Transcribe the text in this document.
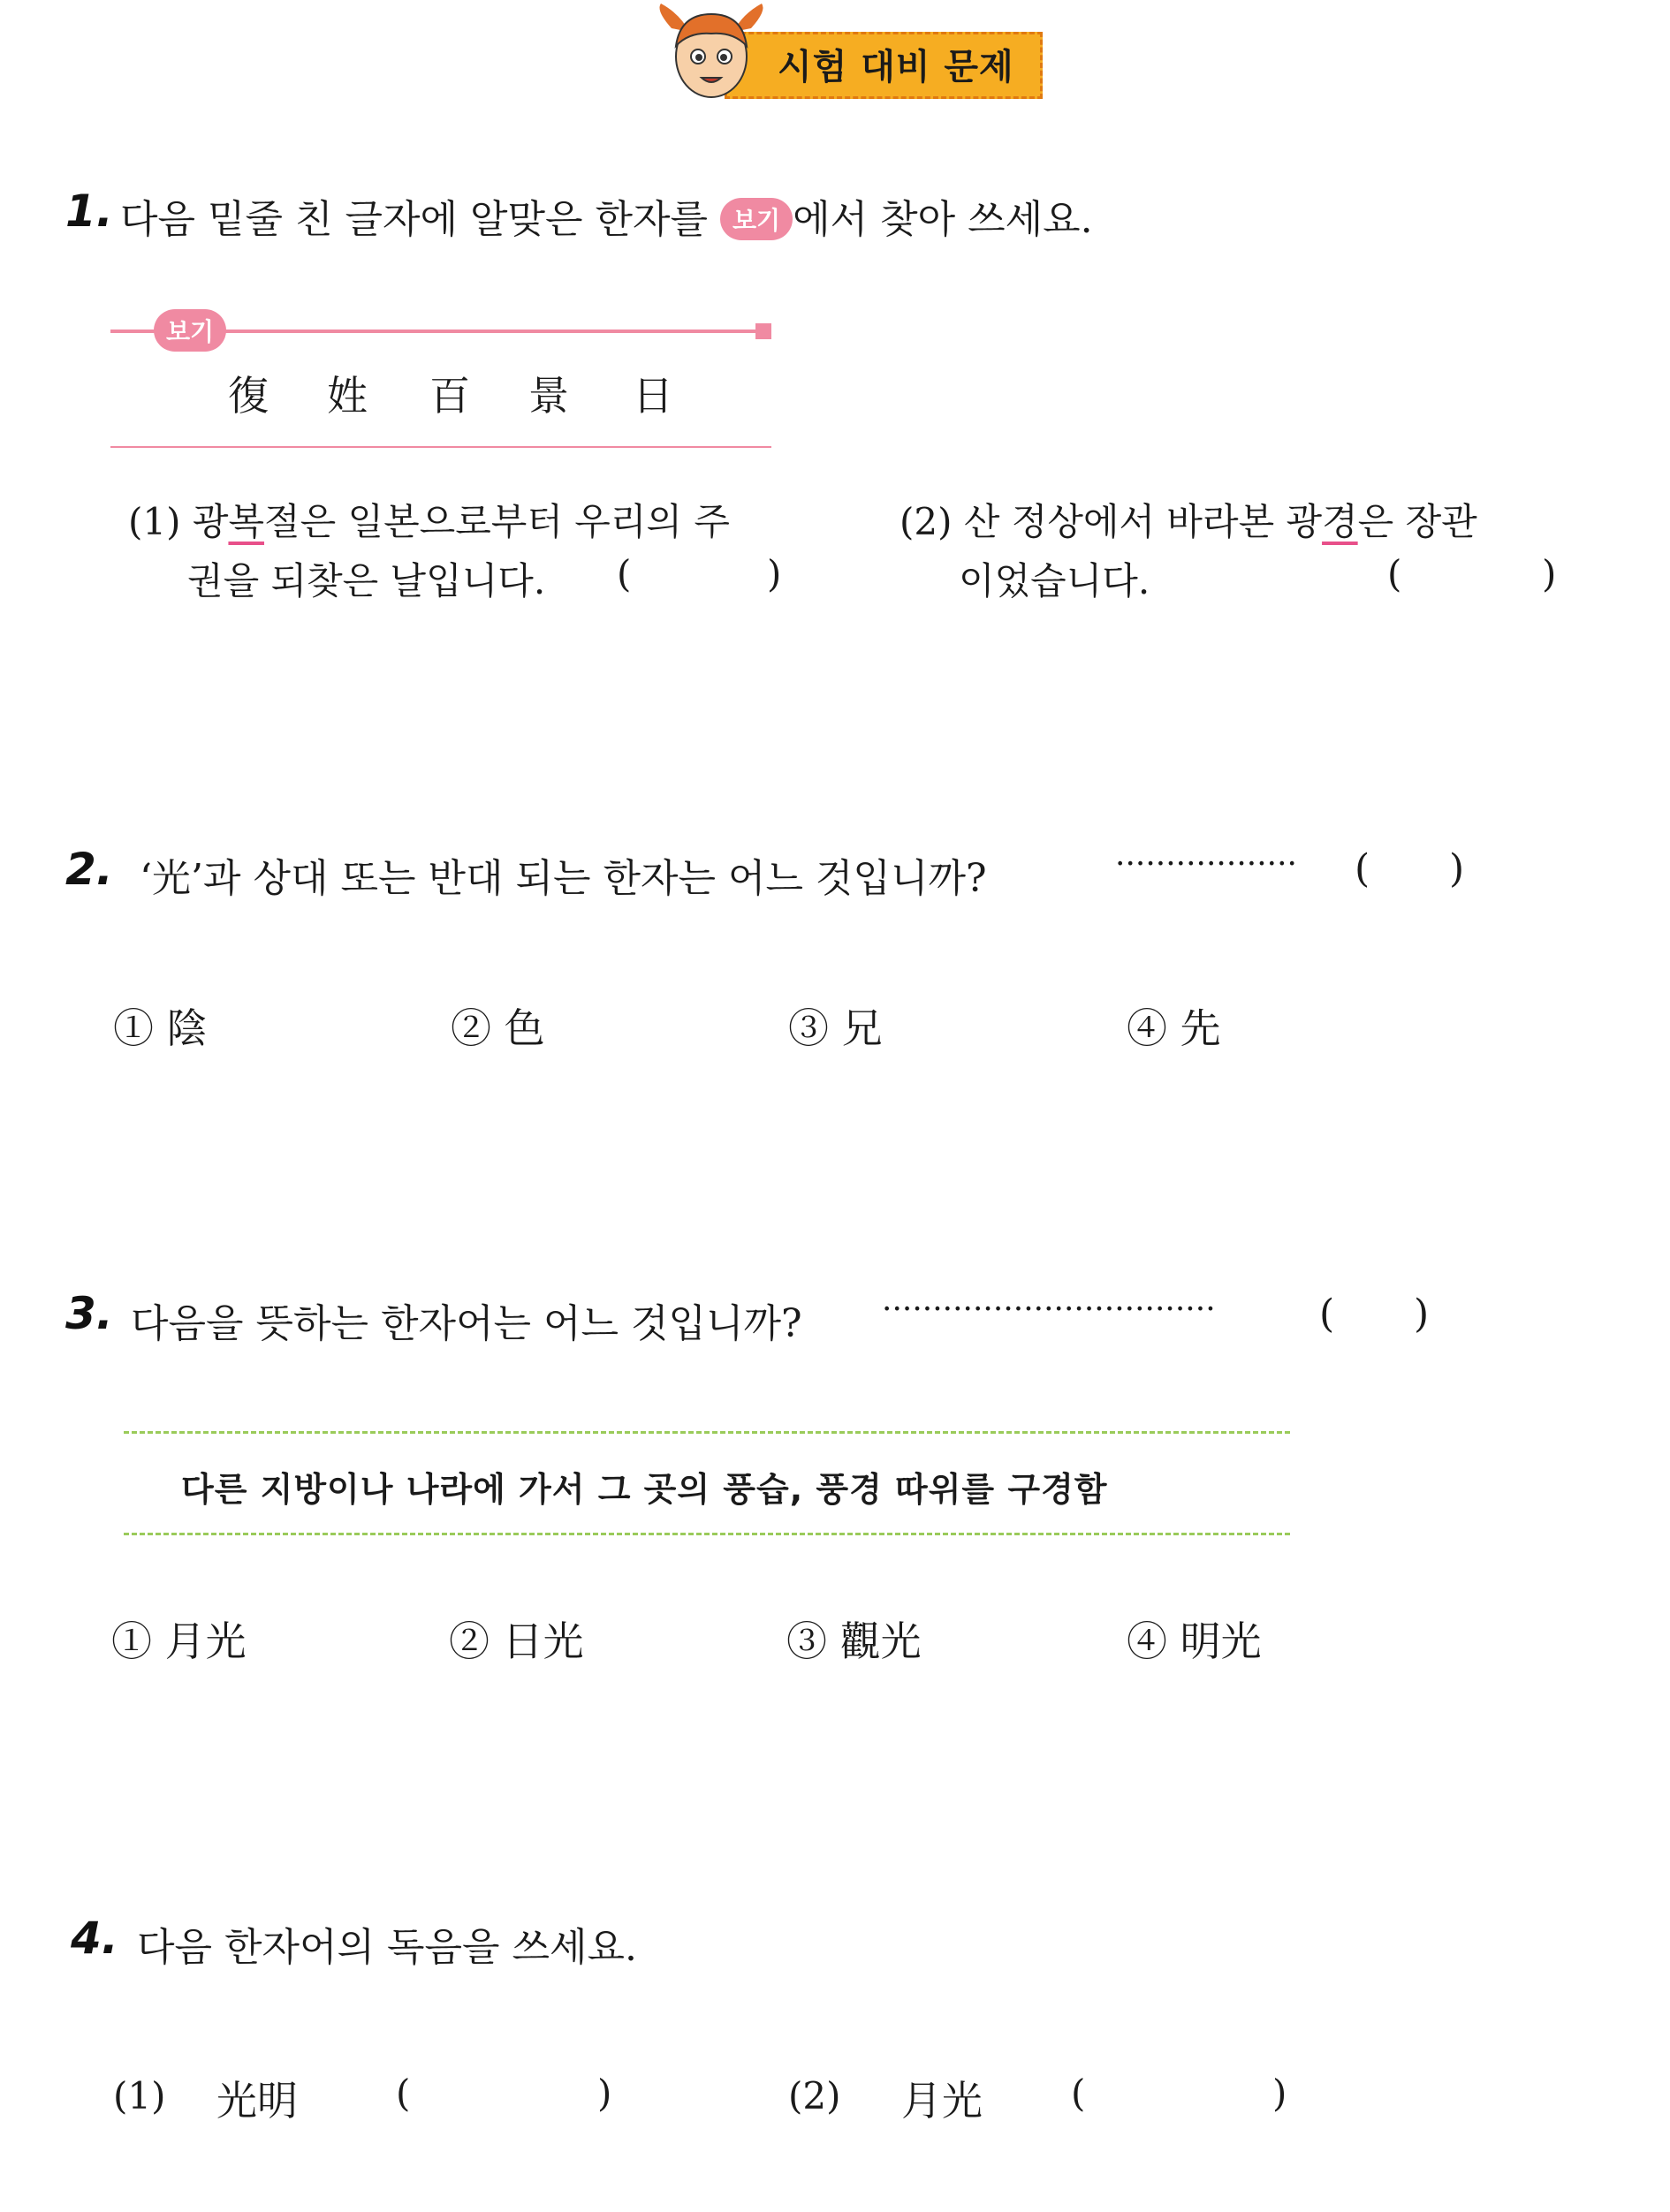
시험 대비 문제
1. 다음 밑줄 친 글자에 알맞은 한자를 보기 에서 찾아 쓰세요.
보기
復 姓 百 景 日
(1) 광복절은 일본으로부터 우리의 주
권을 되찾은 날입니다. (	)
(2) 산 정상에서 바라본 광경은 장관
이었습니다.	(	)
2. ‘光’과 상대 또는 반대 되는 한자는 어느 것입니까?	·················· ( )
① 陰	② 色	③ 兄	④ 先
3. 다음을 뜻하는 한자어는 어느 것입니까?	·································	( )
다른 지방이나 나라에 가서 그 곳의 풍습, 풍경 따위를 구경함
① 月光	② 日光	③ 觀光	④ 明光
4. 다음 한자어의 독음을 쓰세요.
(1) 光明	(	)	(2) 月光 (	)
